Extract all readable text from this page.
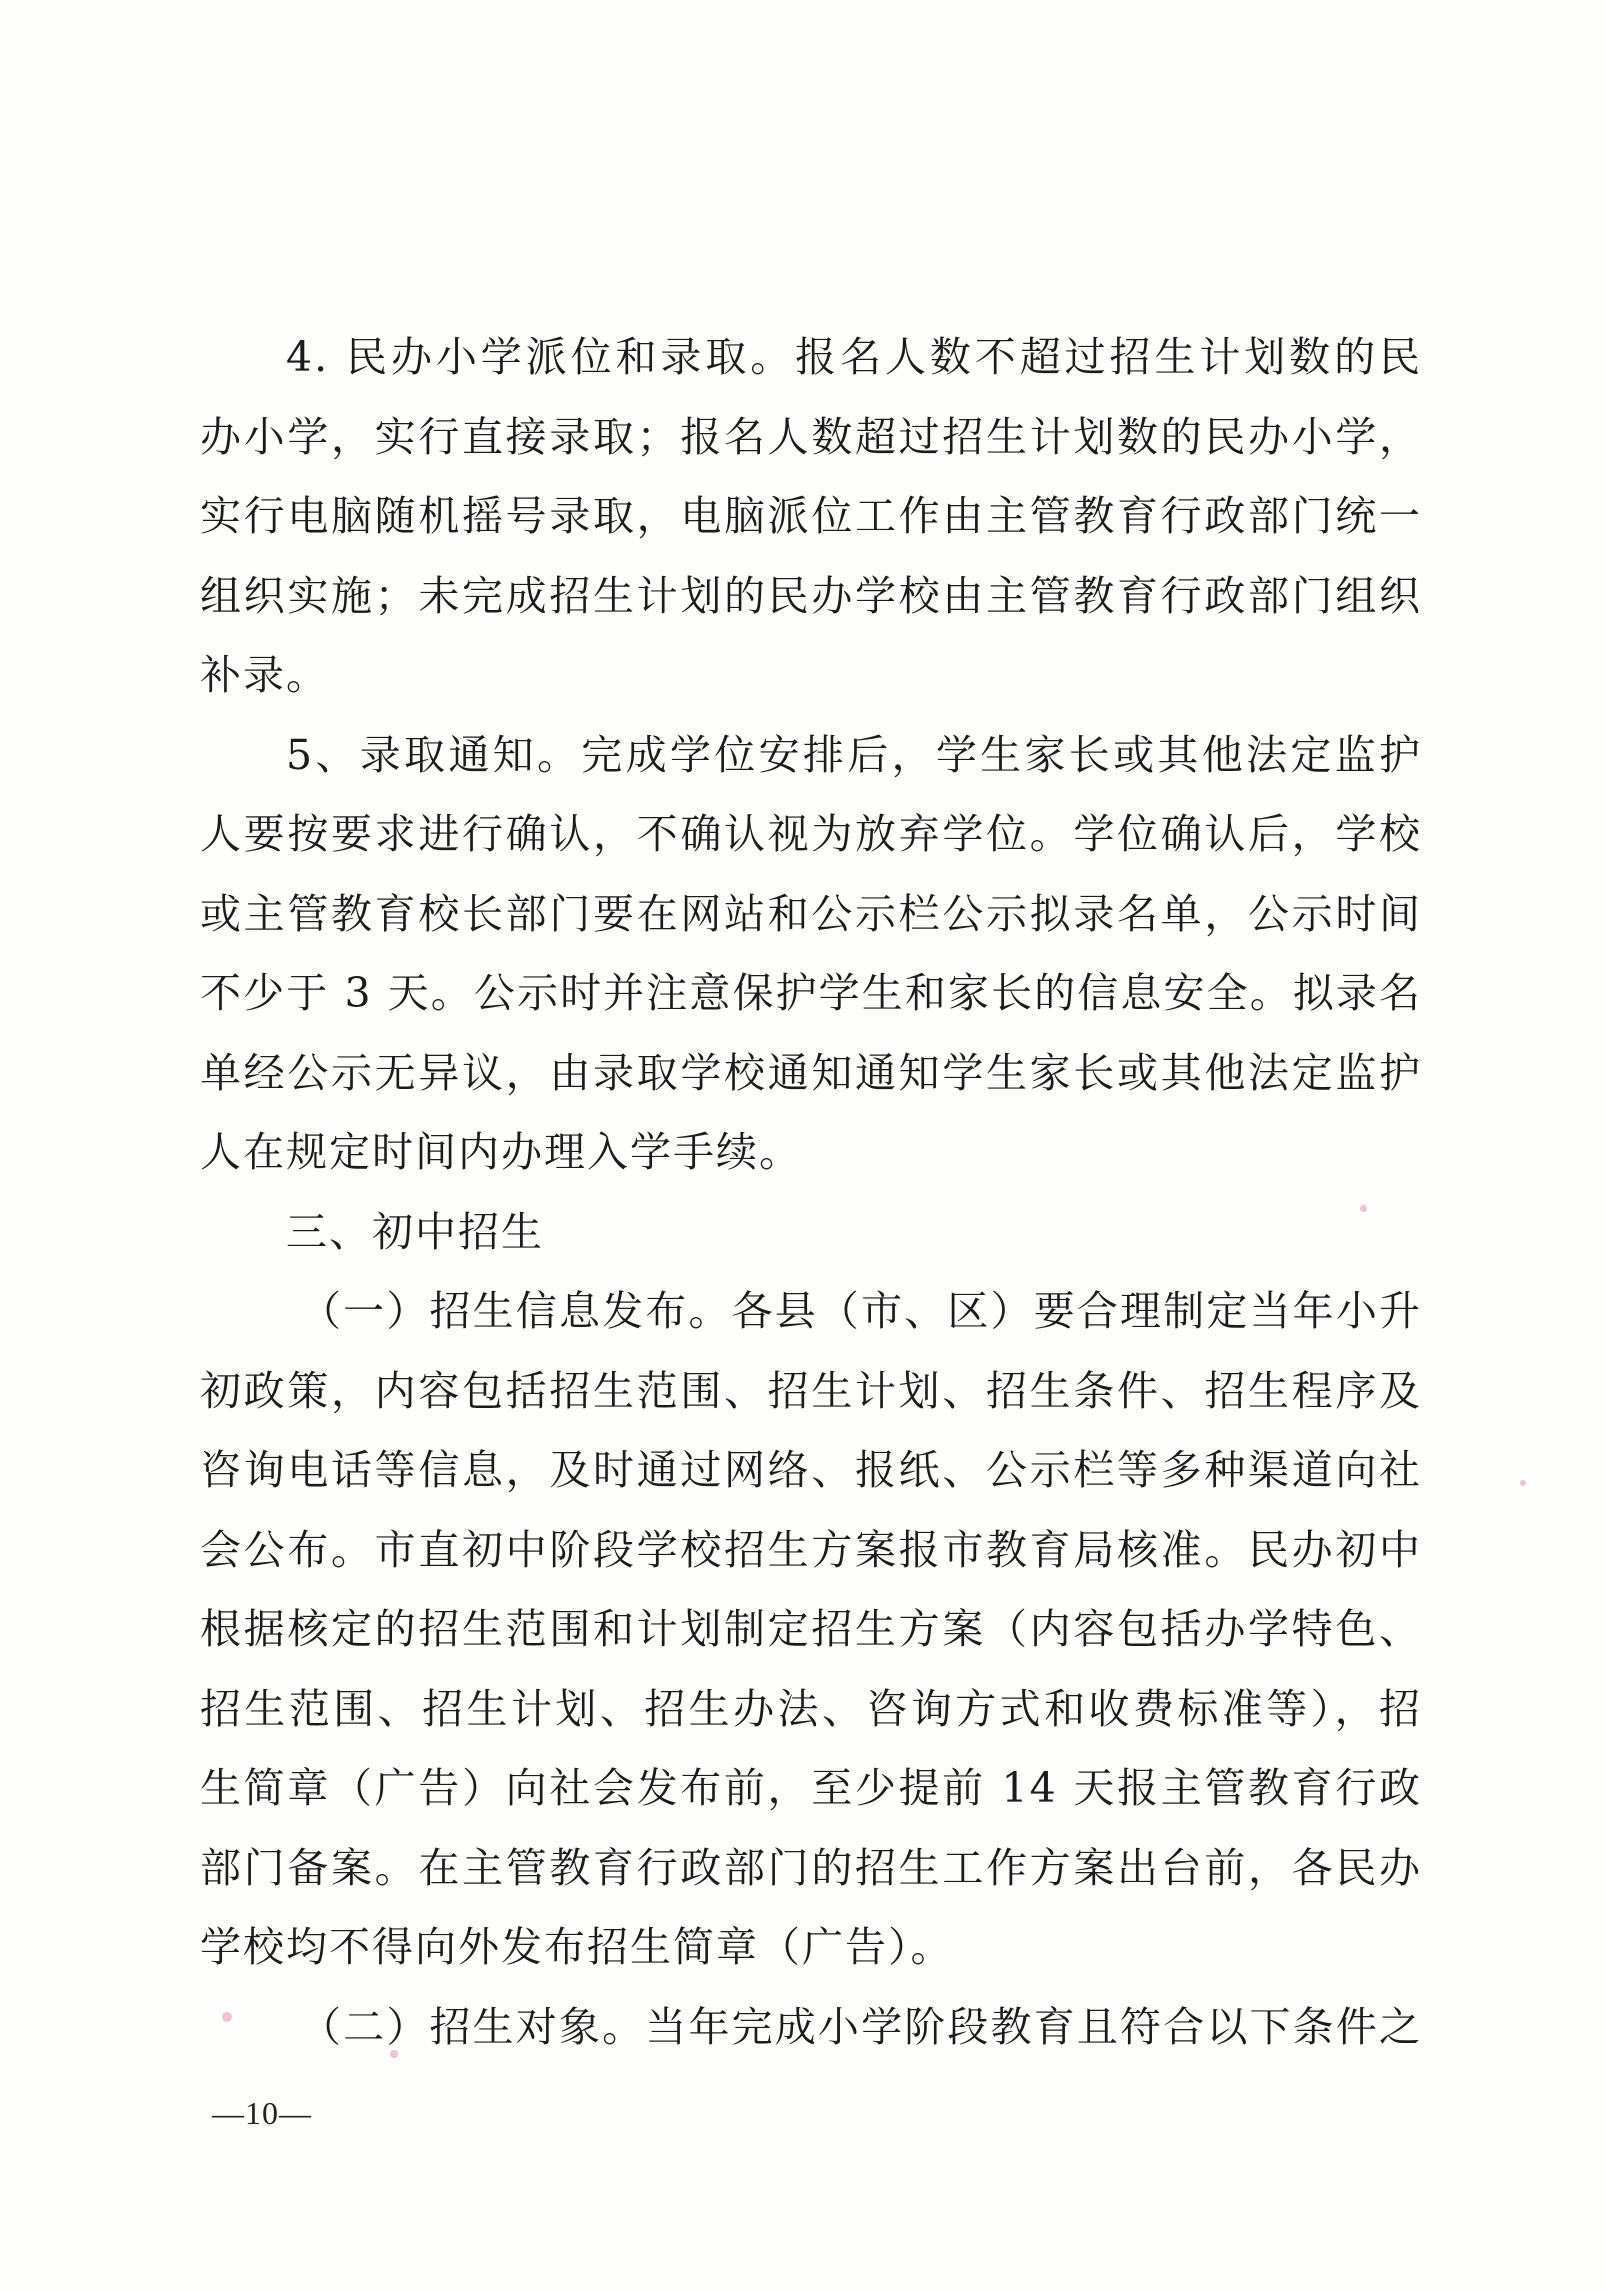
4. 民办小学派位和录取。报名人数不超过招生计划数的民
办小学，实行直接录取；报名人数超过招生计划数的民办小学，
实行电脑随机摇号录取，电脑派位工作由主管教育行政部门统一
组织实施；未完成招生计划的民办学校由主管教育行政部门组织
补录。
5、录取通知。完成学位安排后，学生家长或其他法定监护
人要按要求进行确认，不确认视为放弃学位。学位确认后，学校
或主管教育校长部门要在网站和公示栏公示拟录名单，公示时间
不少于 3 天。公示时并注意保护学生和家长的信息安全。拟录名
单经公示无异议，由录取学校通知通知学生家长或其他法定监护
人在规定时间内办理入学手续。
三、初中招生
（一）招生信息发布。各县（市、区）要合理制定当年小升
初政策，内容包括招生范围、招生计划、招生条件、招生程序及
咨询电话等信息，及时通过网络、报纸、公示栏等多种渠道向社
会公布。市直初中阶段学校招生方案报市教育局核准。民办初中
根据核定的招生范围和计划制定招生方案（内容包括办学特色、
招生范围、招生计划、招生办法、咨询方式和收费标准等），招
生简章（广告）向社会发布前，至少提前 14 天报主管教育行政
部门备案。在主管教育行政部门的招生工作方案出台前，各民办
学校均不得向外发布招生简章（广告）。
（二）招生对象。当年完成小学阶段教育且符合以下条件之
—10—
